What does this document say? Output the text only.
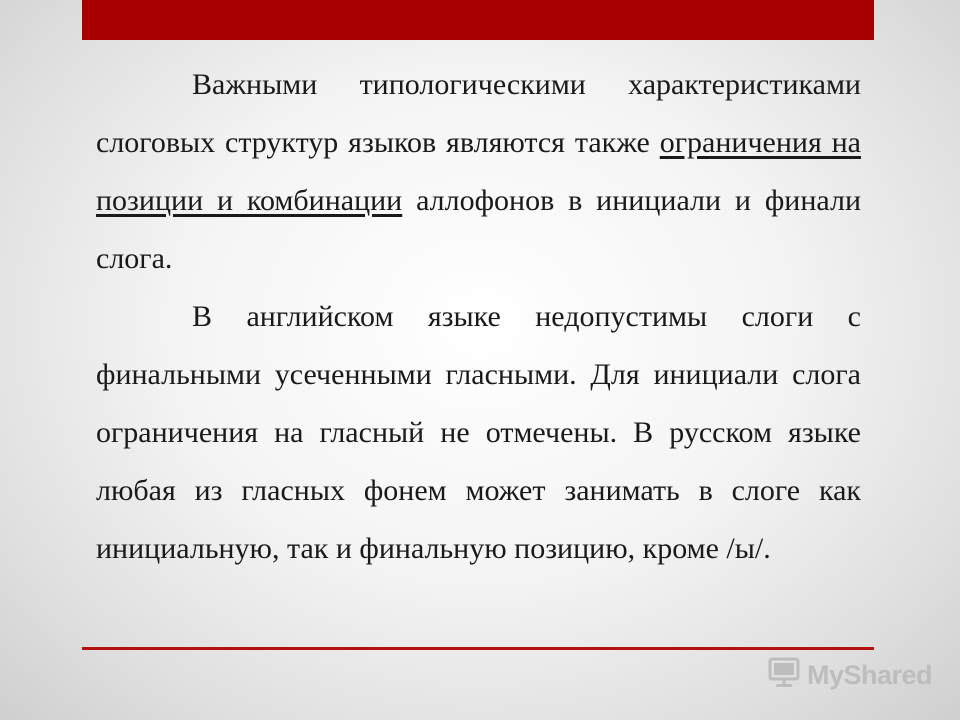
Важными типологическими характеристиками слоговых структур языков являются также ограничения на позиции и комбинации аллофонов в инициали и финали слога.

В английском языке недопустимы слоги с финальными усеченными гласными. Для инициали слога ограничения на гласный не отмечены. В русском языке любая из гласных фонем может занимать в слоге как инициальную, так и финальную позицию, кроме /ы/.

MyShared
